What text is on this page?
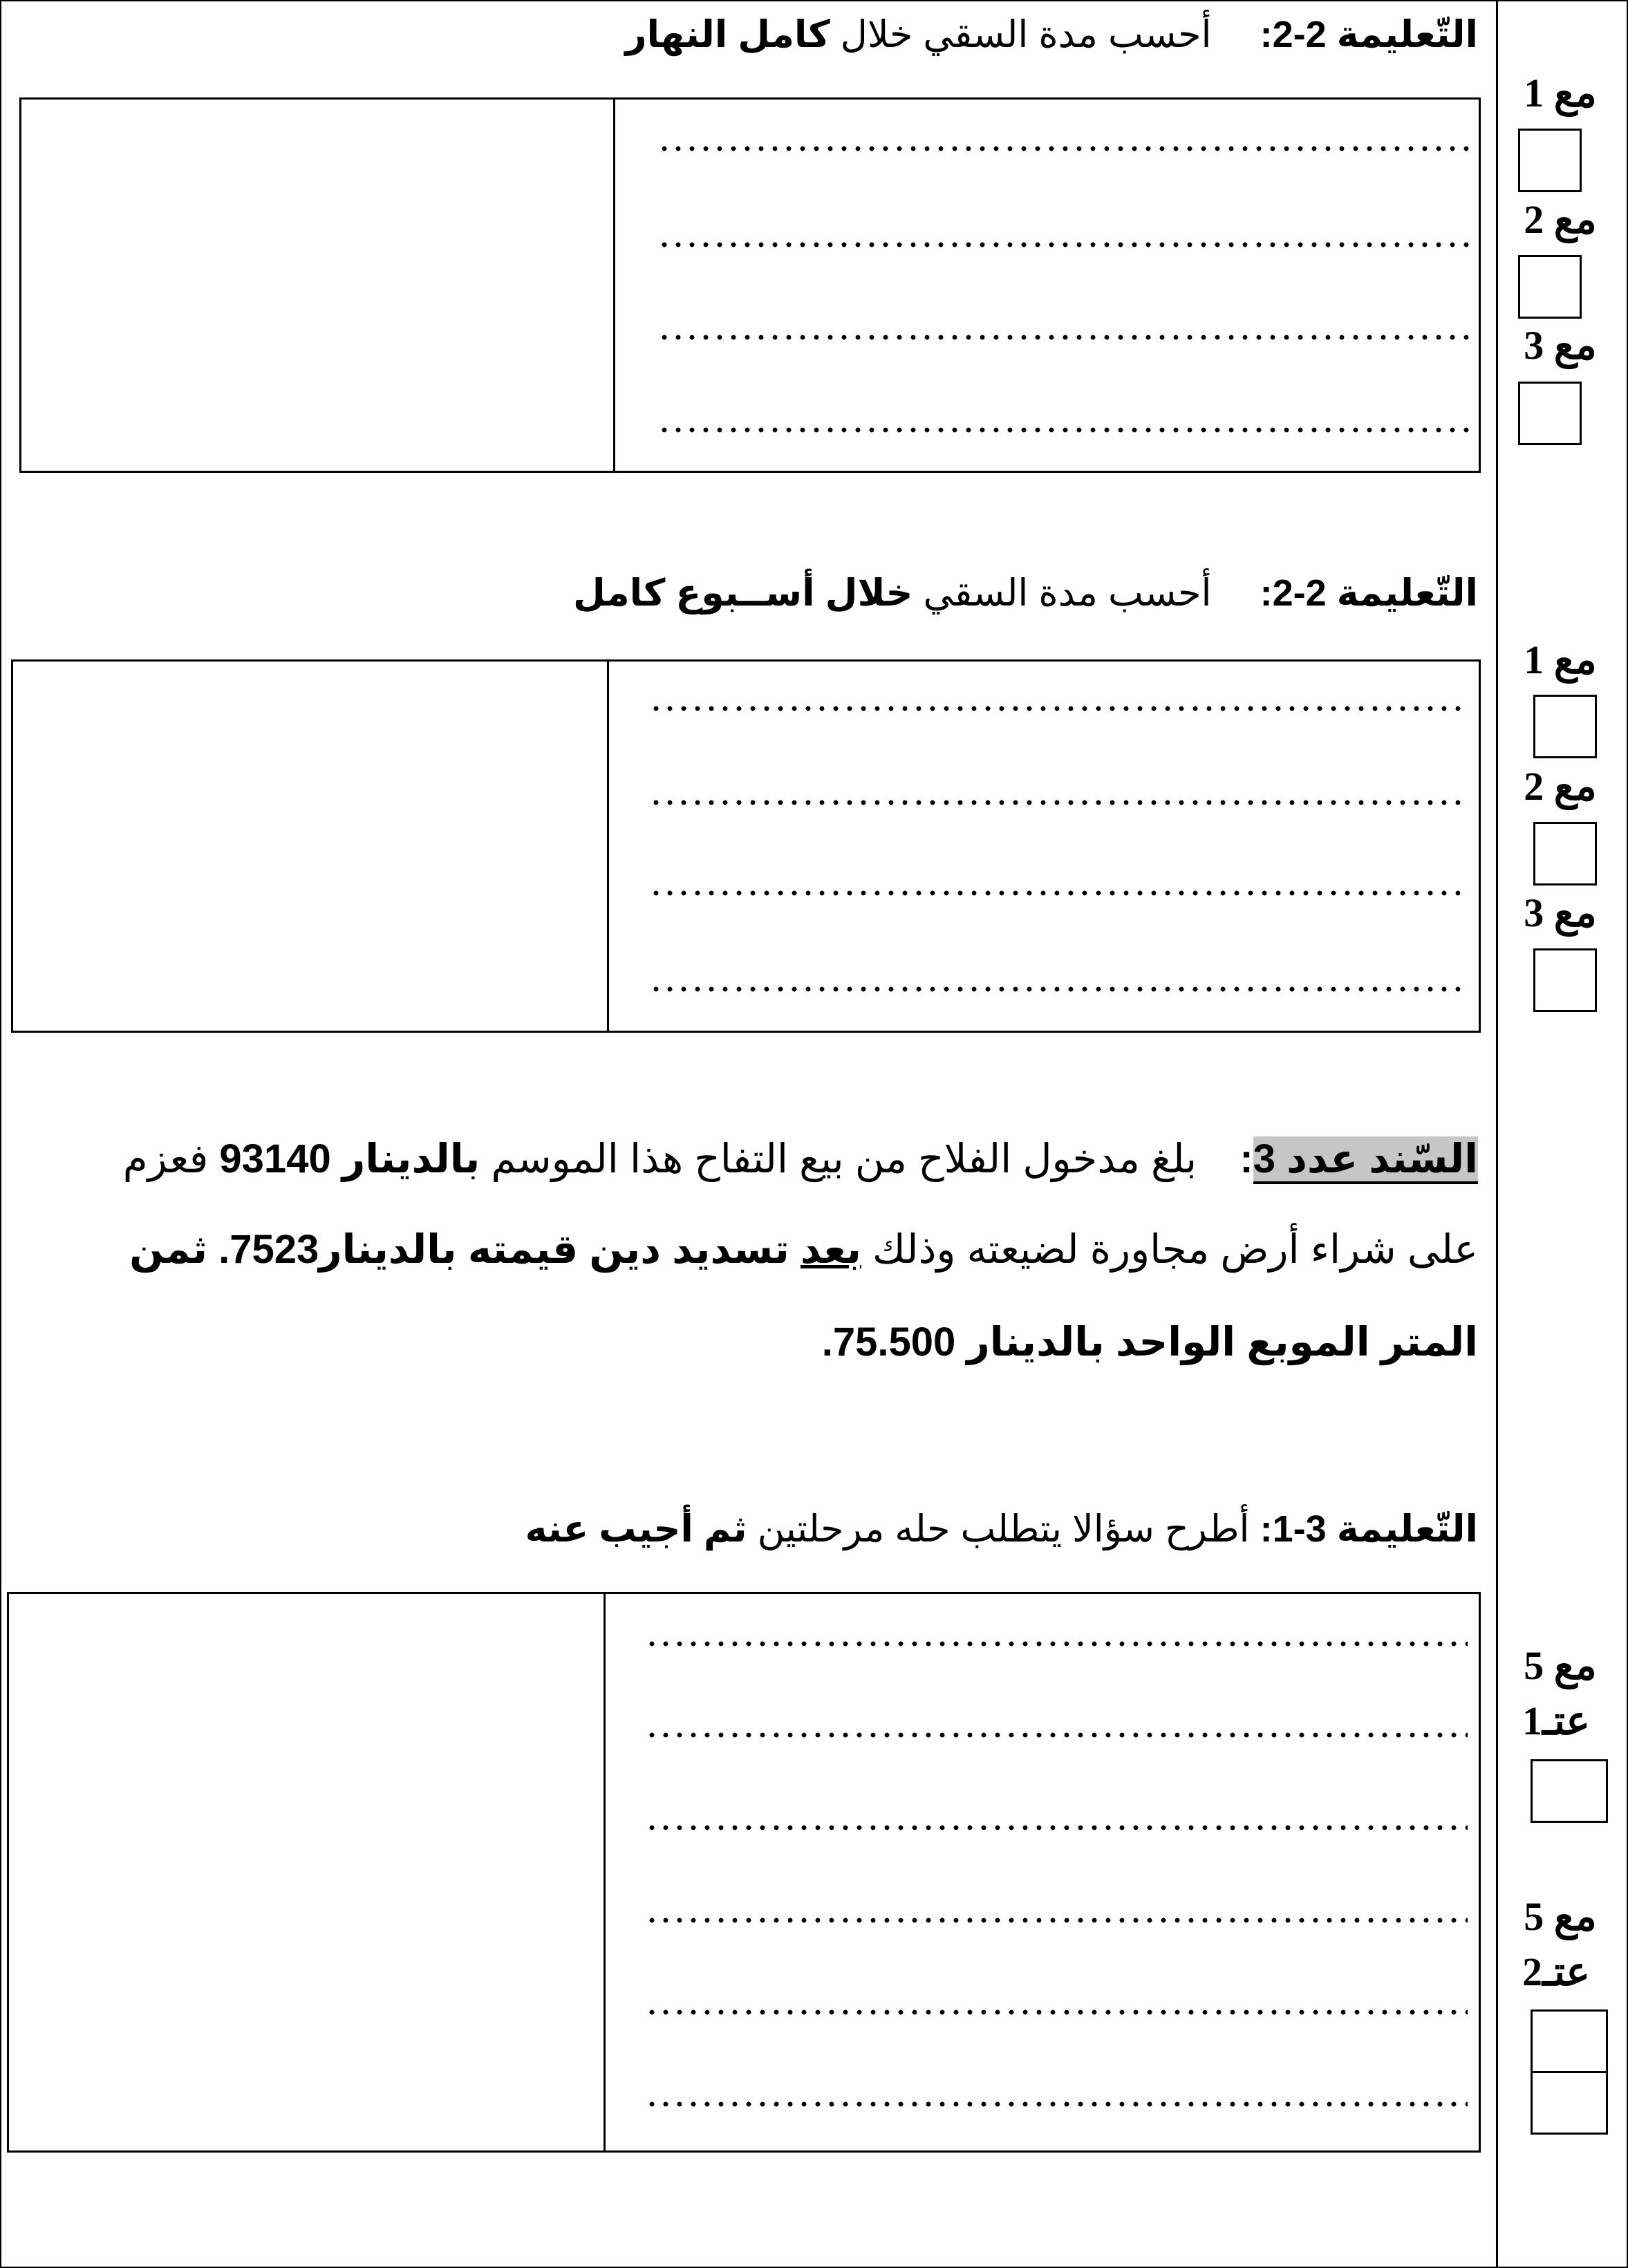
التّعليمة 2-2:  أحسب مدة السقي خلال كامل النهار
مع 1
مع 2
مع 3
التّعليمة 2-2:  أحسب مدة السقي خلال أســبوع كامل
مع 1
مع 2
مع 3
السّند عدد 3:  بلغ مدخول الفلاح من بيع التفاح هذا الموسم بالدينار 93140 فعزم
على شراء أرض مجاورة لضيعته وذلك بعد تسديد دين قيمته بالدينار7523. ثمن
المتر الموبع الواحد بالدينار 75.500.
التّعليمة 3-1: أطرح سؤالا يتطلب حله مرحلتين ثم أجيب عنه
مع 5
عتـ1
مع 5
عتـ2
